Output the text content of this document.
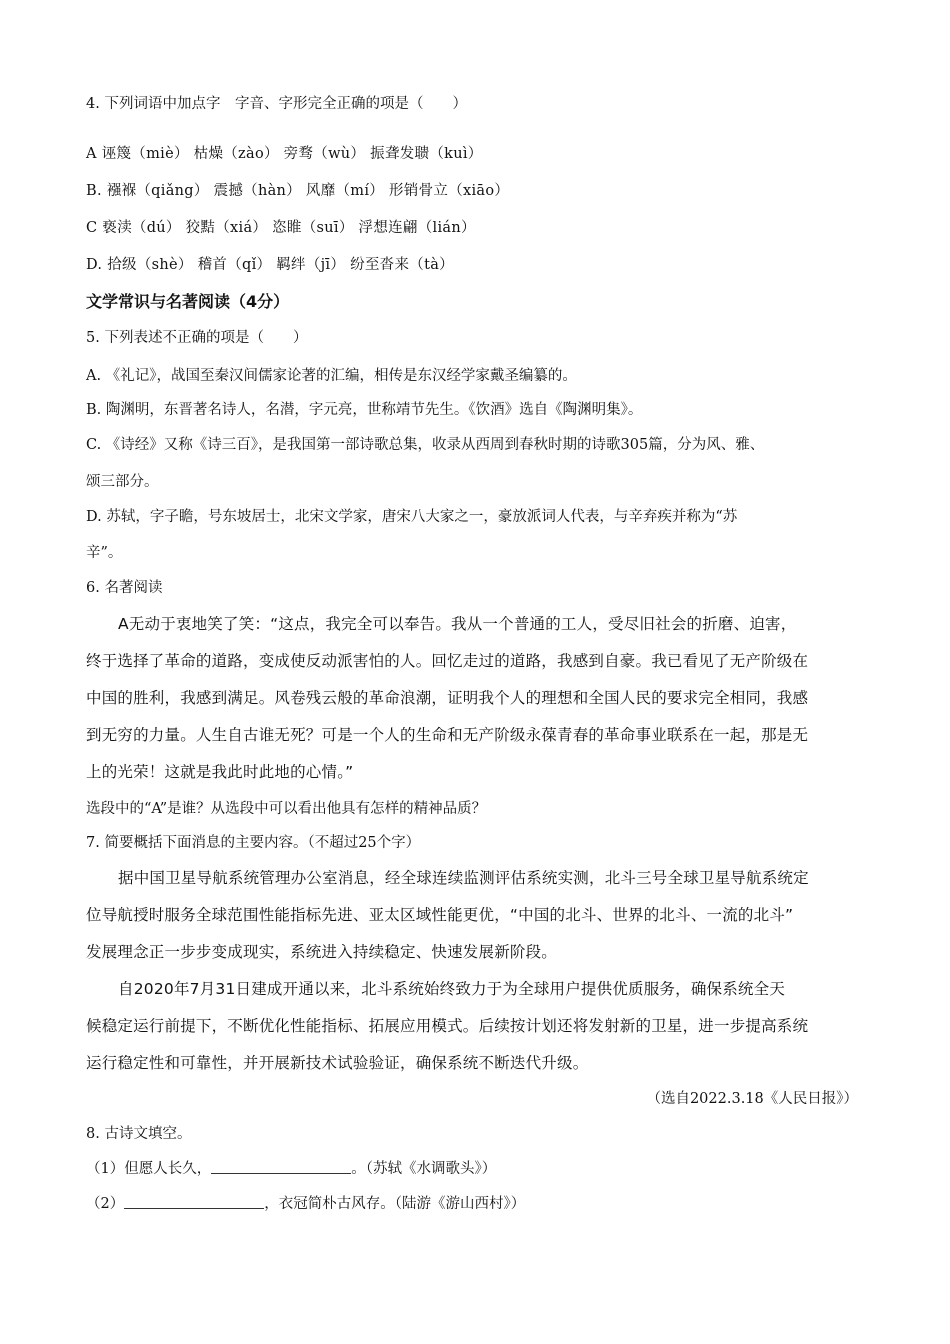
4. 下列词语中加点字　字音、字形完全正确的项是（　　）
A 诬篾（miè） 枯燥（zào） 旁骛（wù） 振聋发聩（kuì）
B. 襁褓（qiǎng） 震撼（hàn） 风靡（mí） 形销骨立（xiāo）
C 亵渎（dú） 狡黠（xiá） 恣睢（suī） 浮想连翩（lián）
D. 拾级（shè） 稽首（qǐ） 羁绊（jī） 纷至沓来（tà）
文学常识与名著阅读（4分）
5. 下列表述不正确的项是（　　）
A. 《礼记》，战国至秦汉间儒家论著的汇编，相传是东汉经学家戴圣编纂的。
B. 陶渊明，东晋著名诗人，名潜，字元亮，世称靖节先生。《饮酒》选自《陶渊明集》。
C. 《诗经》又称《诗三百》，是我国第一部诗歌总集，收录从西周到春秋时期的诗歌305篇，分为风、雅、
颂三部分。
D. 苏轼，字子瞻，号东坡居士，北宋文学家，唐宋八大家之一，豪放派词人代表，与辛弃疾并称为“苏
辛”。
6. 名著阅读
A无动于衷地笑了笑：“这点，我完全可以奉告。我从一个普通的工人，受尽旧社会的折磨、迫害，
终于选择了革命的道路，变成使反动派害怕的人。回忆走过的道路，我感到自豪。我已看见了无产阶级在
中国的胜利，我感到满足。风卷残云般的革命浪潮，证明我个人的理想和全国人民的要求完全相同，我感
到无穷的力量。人生自古谁无死？可是一个人的生命和无产阶级永葆青春的革命事业联系在一起，那是无
上的光荣！这就是我此时此地的心情。”
选段中的“A”是谁？从选段中可以看出他具有怎样的精神品质？
7. 简要概括下面消息的主要内容。（不超过25个字）
据中国卫星导航系统管理办公室消息，经全球连续监测评估系统实测，北斗三号全球卫星导航系统定
位导航授时服务全球范围性能指标先进、亚太区域性能更优，“中国的北斗、世界的北斗、一流的北斗”
发展理念正一步步变成现实，系统进入持续稳定、快速发展新阶段。
自2020年7月31日建成开通以来，北斗系统始终致力于为全球用户提供优质服务，确保系统全天
候稳定运行前提下，不断优化性能指标、拓展应用模式。后续按计划还将发射新的卫星，进一步提高系统
运行稳定性和可靠性，并开展新技术试验验证，确保系统不断迭代升级。
（选自2022.3.18《人民日报》）
8. 古诗文填空。
（1）但愿人长久，	。（苏轼《水调歌头》）
（2）	，衣冠简朴古风存。（陆游《游山西村》）
